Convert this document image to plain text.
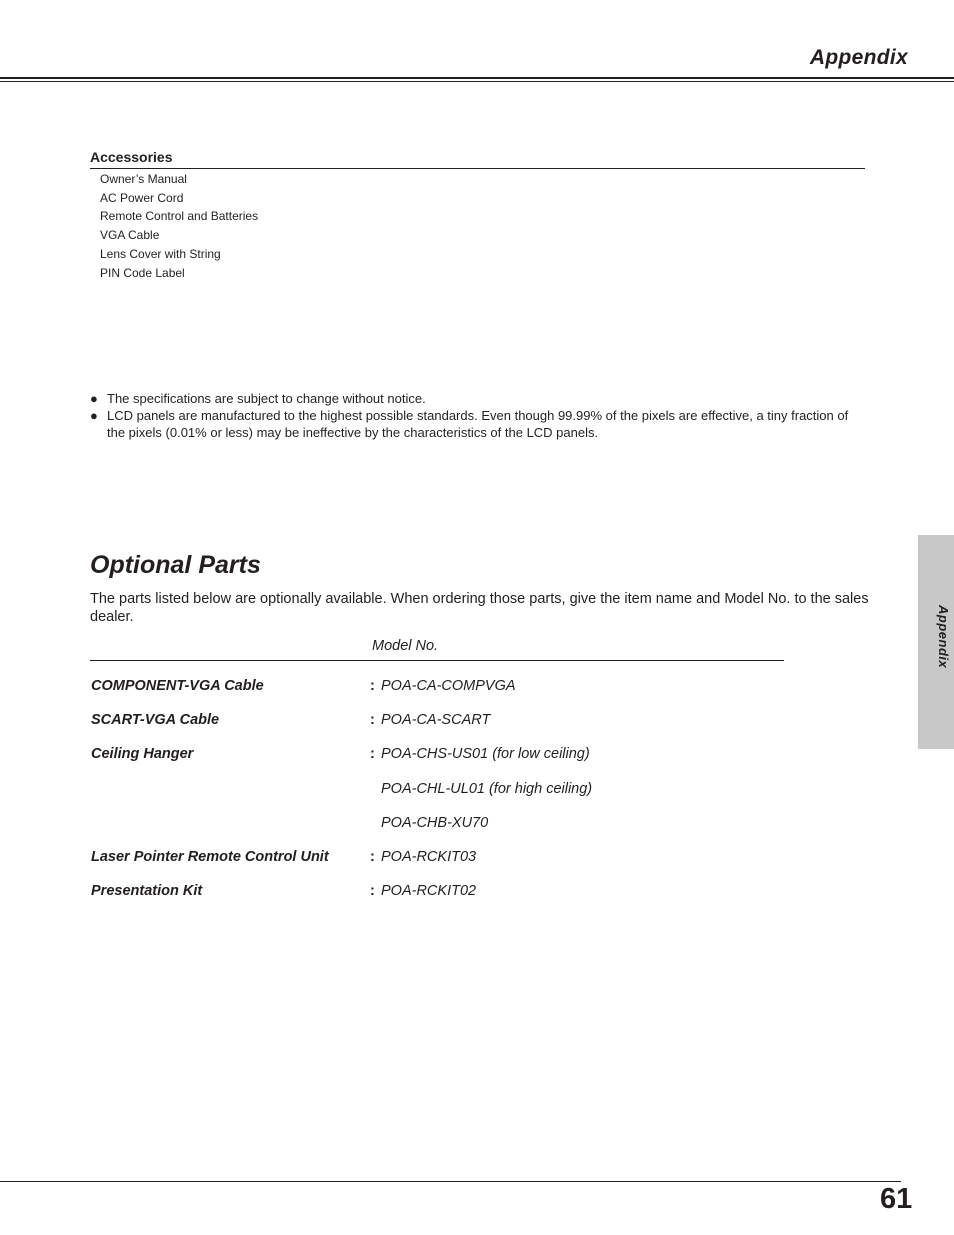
Appendix
Appendix
Accessories
Owner’s Manual
AC Power Cord
Remote Control and Batteries
VGA Cable
Lens Cover with String
PIN Code Label
● The specifications are subject to change without notice.
● LCD panels are manufactured to the highest possible standards. Even though 99.99% of the pixels are effective, a tiny fraction of the pixels (0.01% or less) may be ineffective by the characteristics of the LCD panels.
Optional Parts
The parts listed below are optionally available. When ordering those parts, give the item name and Model No. to the sales dealer.
Model No.
COMPONENT-VGA Cable	: POA-CA-COMPVGA
SCART-VGA Cable	: POA-CA-SCART
Ceiling Hanger	: POA-CHS-US01 (for low ceiling)
POA-CHL-UL01 (for high ceiling)
POA-CHB-XU70
Laser Pointer Remote Control Unit	: POA-RCKIT03
Presentation Kit	: POA-RCKIT02
61
